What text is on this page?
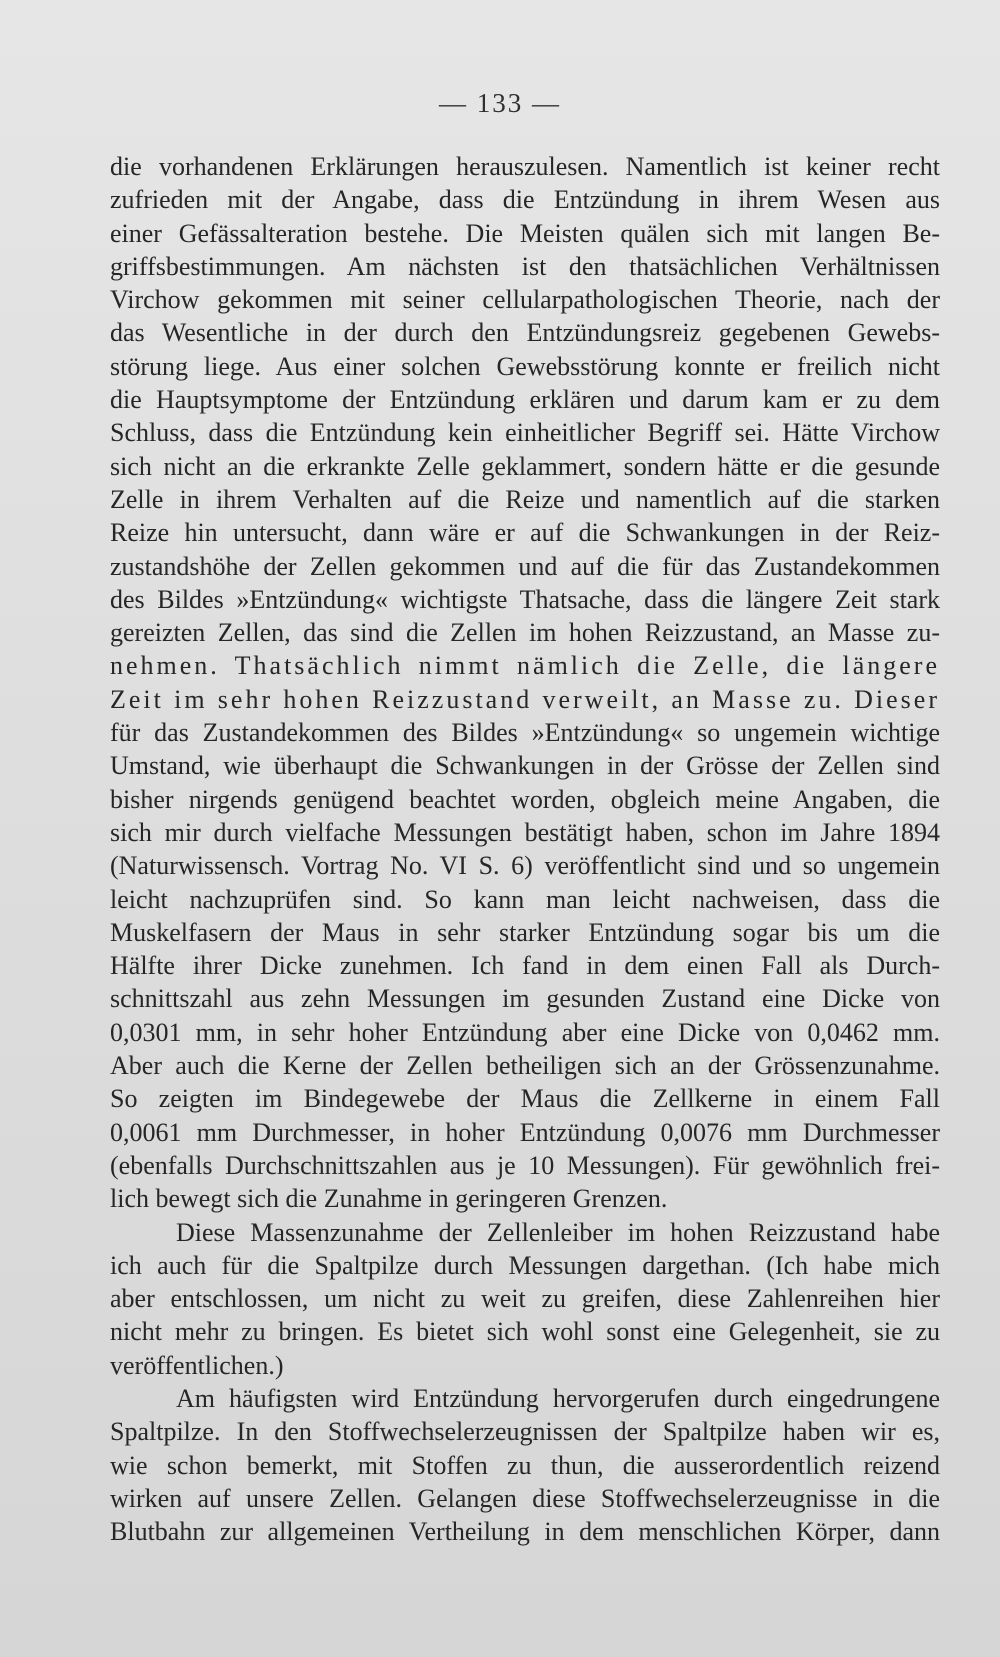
— 133 —

die vorhandenen Erklärungen herauszulesen. Namentlich ist keiner recht
zufrieden mit der Angabe, dass die Entzündung in ihrem Wesen aus
einer Gefässalteration bestehe. Die Meisten quälen sich mit langen Be-
griffsbestimmungen. Am nächsten ist den thatsächlichen Verhältnissen
Virchow gekommen mit seiner cellularpathologischen Theorie, nach der
das Wesentliche in der durch den Entzündungsreiz gegebenen Gewebs-
störung liege. Aus einer solchen Gewebsstörung konnte er freilich nicht
die Hauptsymptome der Entzündung erklären und darum kam er zu dem
Schluss, dass die Entzündung kein einheitlicher Begriff sei. Hätte Virchow
sich nicht an die erkrankte Zelle geklammert, sondern hätte er die gesunde
Zelle in ihrem Verhalten auf die Reize und namentlich auf die starken
Reize hin untersucht, dann wäre er auf die Schwankungen in der Reiz-
zustandshöhe der Zellen gekommen und auf die für das Zustandekommen
des Bildes »Entzündung« wichtigste Thatsache, dass die längere Zeit stark
gereizten Zellen, das sind die Zellen im hohen Reizzustand, an Masse zu-
nehmen. Thatsächlich nimmt nämlich die Zelle, die längere
Zeit im sehr hohen Reizzustand verweilt, an Masse zu. Dieser
für das Zustandekommen des Bildes »Entzündung« so ungemein wichtige
Umstand, wie überhaupt die Schwankungen in der Grösse der Zellen sind
bisher nirgends genügend beachtet worden, obgleich meine Angaben, die
sich mir durch vielfache Messungen bestätigt haben, schon im Jahre 1894
(Naturwissensch. Vortrag No. VI S. 6) veröffentlicht sind und so ungemein
leicht nachzuprüfen sind. So kann man leicht nachweisen, dass die
Muskelfasern der Maus in sehr starker Entzündung sogar bis um die
Hälfte ihrer Dicke zunehmen. Ich fand in dem einen Fall als Durch-
schnittszahl aus zehn Messungen im gesunden Zustand eine Dicke von
0,0301 mm, in sehr hoher Entzündung aber eine Dicke von 0,0462 mm.
Aber auch die Kerne der Zellen betheiligen sich an der Grössenzunahme.
So zeigten im Bindegewebe der Maus die Zellkerne in einem Fall
0,0061 mm Durchmesser, in hoher Entzündung 0,0076 mm Durchmesser
(ebenfalls Durchschnittszahlen aus je 10 Messungen). Für gewöhnlich frei-
lich bewegt sich die Zunahme in geringeren Grenzen.

Diese Massenzunahme der Zellenleiber im hohen Reizzustand habe
ich auch für die Spaltpilze durch Messungen dargethan. (Ich habe mich
aber entschlossen, um nicht zu weit zu greifen, diese Zahlenreihen hier
nicht mehr zu bringen. Es bietet sich wohl sonst eine Gelegenheit, sie zu
veröffentlichen.)

Am häufigsten wird Entzündung hervorgerufen durch eingedrungene
Spaltpilze. In den Stoffwechselerzeugnissen der Spaltpilze haben wir es,
wie schon bemerkt, mit Stoffen zu thun, die ausserordentlich reizend
wirken auf unsere Zellen. Gelangen diese Stoffwechselerzeugnisse in die
Blutbahn zur allgemeinen Vertheilung in dem menschlichen Körper, dann
